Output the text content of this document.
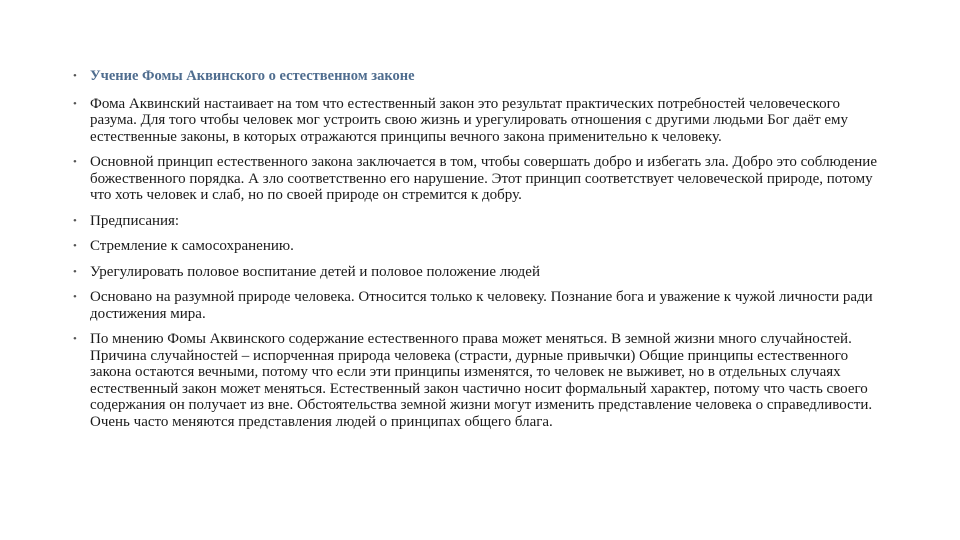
• Учение Фомы Аквинского о естественном законе
• Фома Аквинский настаивает на том что естественный закон это результат практических потребностей человеческого разума. Для того чтобы человек мог устроить свою жизнь и урегулировать отношения с другими людьми Бог даёт ему естественные законы, в которых отражаются принципы вечного закона применительно к человеку.
• Основной принцип естественного закона заключается в том, чтобы совершать добро и избегать зла. Добро это соблюдение божественного порядка. А зло соответственно его нарушение. Этот принцип соответствует человеческой природе, потому что хоть человек и слаб, но по своей природе он стремится к добру.
• Предписания:
• Стремление к самосохранению.
• Урегулировать половое воспитание детей и половое положение людей
• Основано на разумной природе человека. Относится только к человеку. Познание бога и уважение к чужой личности ради достижения мира.
• По мнению Фомы Аквинского содержание естественного права может меняться. В земной жизни много случайностей. Причина случайностей – испорченная природа человека (страсти, дурные привычки) Общие принципы естественного закона остаются вечными, потому что если эти принципы изменятся, то человек не выживет, но в отдельных случаях естественный закон может меняться. Естественный закон частично носит формальный характер, потому что часть своего содержания он получает из вне. Обстоятельства земной жизни могут изменить представление человека о справедливости. Очень часто меняются представления людей о принципах общего блага.
